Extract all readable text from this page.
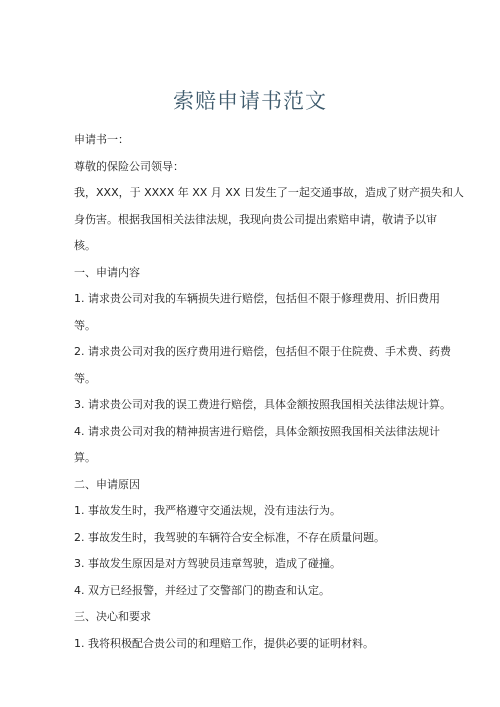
索赔申请书范文

申请书一：

尊敬的保险公司领导：

我，XXX，于 XXXX 年 XX 月 XX 日发生了一起交通事故，造成了财产损失和人

身伤害。根据我国相关法律法规，我现向贵公司提出索赔申请，敬请予以审

核。

一、申请内容

1. 请求贵公司对我的车辆损失进行赔偿，包括但不限于修理费用、折旧费用

等。

2. 请求贵公司对我的医疗费用进行赔偿，包括但不限于住院费、手术费、药费

等。

3. 请求贵公司对我的误工费进行赔偿，具体金额按照我国相关法律法规计算。

4. 请求贵公司对我的精神损害进行赔偿，具体金额按照我国相关法律法规计

算。

二、申请原因

1. 事故发生时，我严格遵守交通法规，没有违法行为。

2. 事故发生时，我驾驶的车辆符合安全标准，不存在质量问题。

3. 事故发生原因是对方驾驶员违章驾驶，造成了碰撞。

4. 双方已经报警，并经过了交警部门的勘查和认定。

三、决心和要求

1. 我将积极配合贵公司的和理赔工作，提供必要的证明材料。
